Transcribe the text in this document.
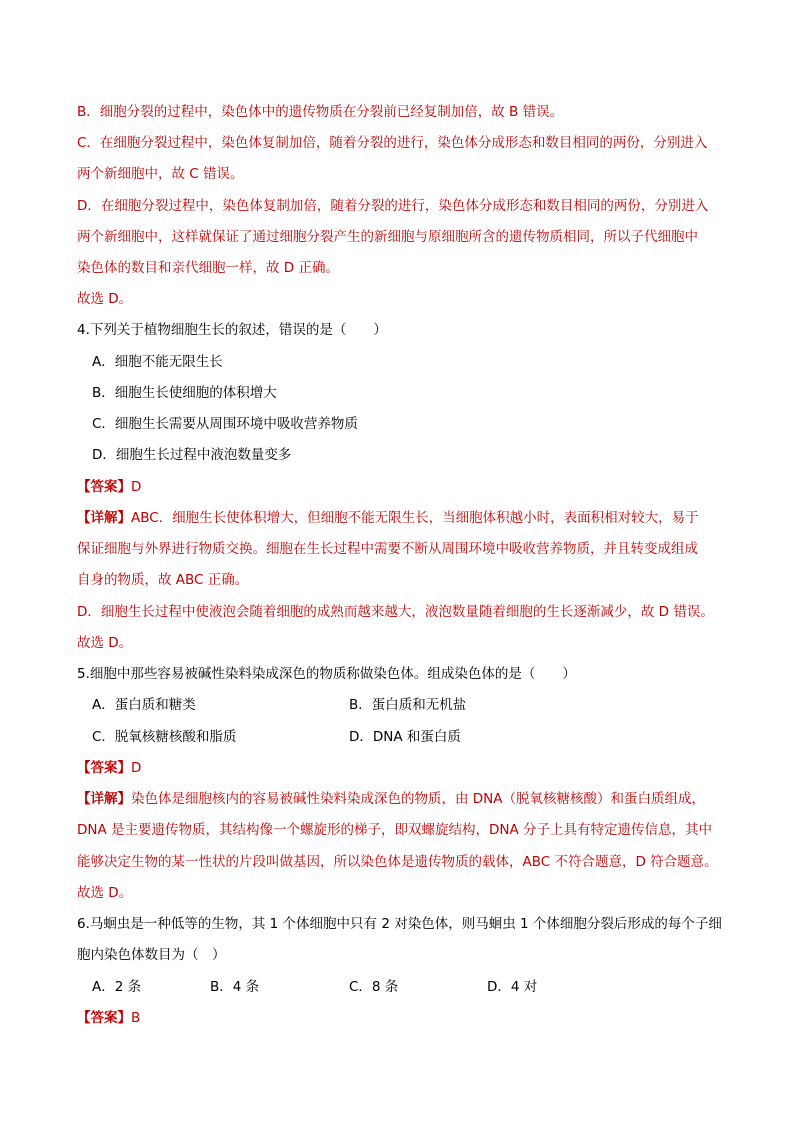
B．细胞分裂的过程中，染色体中的遗传物质在分裂前已经复制加倍，故 B 错误。
C．在细胞分裂过程中，染色体复制加倍，随着分裂的进行，染色体分成形态和数目相同的两份，分别进入
两个新细胞中，故 C 错误。
D．在细胞分裂过程中，染色体复制加倍，随着分裂的进行，染色体分成形态和数目相同的两份，分别进入
两个新细胞中，这样就保证了通过细胞分裂产生的新细胞与原细胞所含的遗传物质相同，所以子代细胞中
染色体的数目和亲代细胞一样，故 D 正确。
故选 D。
4.下列关于植物细胞生长的叙述，错误的是（　　）
A．细胞不能无限生长
B．细胞生长使细胞的体积增大
C．细胞生长需要从周围环境中吸收营养物质
D．细胞生长过程中液泡数量变多
【答案】D
【详解】ABC．细胞生长使体积增大，但细胞不能无限生长，当细胞体积越小时，表面积相对较大，易于
保证细胞与外界进行物质交换。细胞在生长过程中需要不断从周围环境中吸收营养物质，并且转变成组成
自身的物质，故 ABC 正确。
D．细胞生长过程中使液泡会随着细胞的成熟而越来越大，液泡数量随着细胞的生长逐渐减少，故 D 错误。
故选 D。
5.细胞中那些容易被碱性染料染成深色的物质称做染色体。组成染色体的是（　　）
A．蛋白质和糖类	B．蛋白质和无机盐
C．脱氧核糖核酸和脂质	D．DNA 和蛋白质
【答案】D
【详解】染色体是细胞核内的容易被碱性染料染成深色的物质，由 DNA（脱氧核糖核酸）和蛋白质组成，
DNA 是主要遗传物质，其结构像一个螺旋形的梯子，即双螺旋结构，DNA 分子上具有特定遗传信息，其中
能够决定生物的某一性状的片段叫做基因，所以染色体是遗传物质的载体，ABC 不符合题意，D 符合题意。
故选 D。
6.马蛔虫是一种低等的生物，其 1 个体细胞中只有 2 对染色体，则马蛔虫 1 个体细胞分裂后形成的每个子细
胞内染色体数目为（　）
A．2 条	B．4 条	C．8 条	D．4 对
【答案】B
